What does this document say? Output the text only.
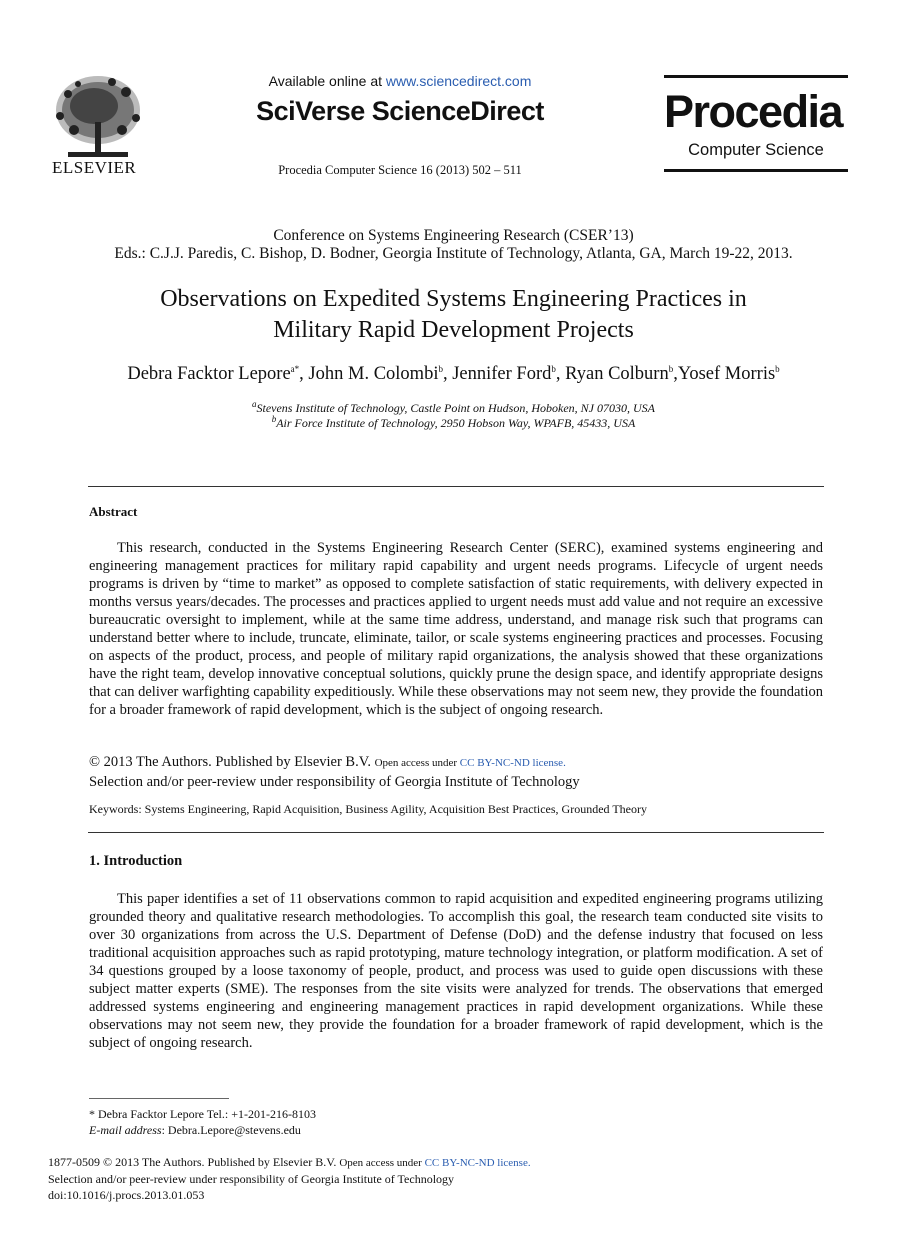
ELSEVIER
Available online at www.sciencedirect.com
SciVerse ScienceDirect
Procedia Computer Science 16 (2013) 502 – 511
Procedia
Computer Science
Conference on Systems Engineering Research (CSER’13)
Eds.: C.J.J. Paredis, C. Bishop, D. Bodner, Georgia Institute of Technology, Atlanta, GA, March 19-22, 2013.
Observations on Expedited Systems Engineering Practices in
Military Rapid Development Projects
Debra Facktor Lepore$^{a*}$, John M. Colombi$^b$, Jennifer Ford$^b$, Ryan Colburn$^b$,Yosef Morris$^b$
$^a$Stevens Institute of Technology, Castle Point on Hudson, Hoboken, NJ 07030, USA
$^b$Air Force Institute of Technology, 2950 Hobson Way, WPAFB, 45433, USA
Abstract

This research, conducted in the Systems Engineering Research Center (SERC), examined systems engineering and engineering management practices for military rapid capability and urgent needs programs. Lifecycle of urgent needs programs is driven by “time to market” as opposed to complete satisfaction of static requirements, with delivery expected in months versus years/decades. The processes and practices applied to urgent needs must add value and not require an excessive bureaucratic oversight to implement, while at the same time address, understand, and manage risk such that programs can understand better where to include, truncate, eliminate, tailor, or scale systems engineering practices and processes. Focusing on aspects of the product, process, and people of military rapid organizations, the analysis showed that these organizations have the right team, develop innovative conceptual solutions, quickly prune the design space, and identify appropriate designs that can deliver warfighting capability expeditiously. While these observations may not seem new, they provide the foundation for a broader framework of rapid development, which is the subject of ongoing research.

© 2013 The Authors. Published by Elsevier B.V. Open access under CC BY-NC-ND license.
Selection and/or peer-review under responsibility of Georgia Institute of Technology
Keywords: Systems Engineering, Rapid Acquisition, Business Agility, Acquisition Best Practices, Grounded Theory
1. Introduction

This paper identifies a set of 11 observations common to rapid acquisition and expedited engineering programs utilizing grounded theory and qualitative research methodologies. To accomplish this goal, the research team conducted site visits to over 30 organizations from across the U.S. Department of Defense (DoD) and the defense industry that focused on less traditional acquisition approaches such as rapid prototyping, mature technology integration, or platform modification. A set of 34 questions grouped by a loose taxonomy of people, product, and process was used to guide open discussions with these subject matter experts (SME). The responses from the site visits were analyzed for trends. The observations that emerged addressed systems engineering and engineering management practices in rapid development organizations. While these observations may not seem new, they provide the foundation for a broader framework of rapid development, which is the subject of ongoing research.

* Debra Facktor Lepore Tel.: +1-201-216-8103
E-mail address: Debra.Lepore@stevens.edu
1877-0509 © 2013 The Authors. Published by Elsevier B.V. Open access under CC BY-NC-ND license.
Selection and/or peer-review under responsibility of Georgia Institute of Technology
doi:10.1016/j.procs.2013.01.053
